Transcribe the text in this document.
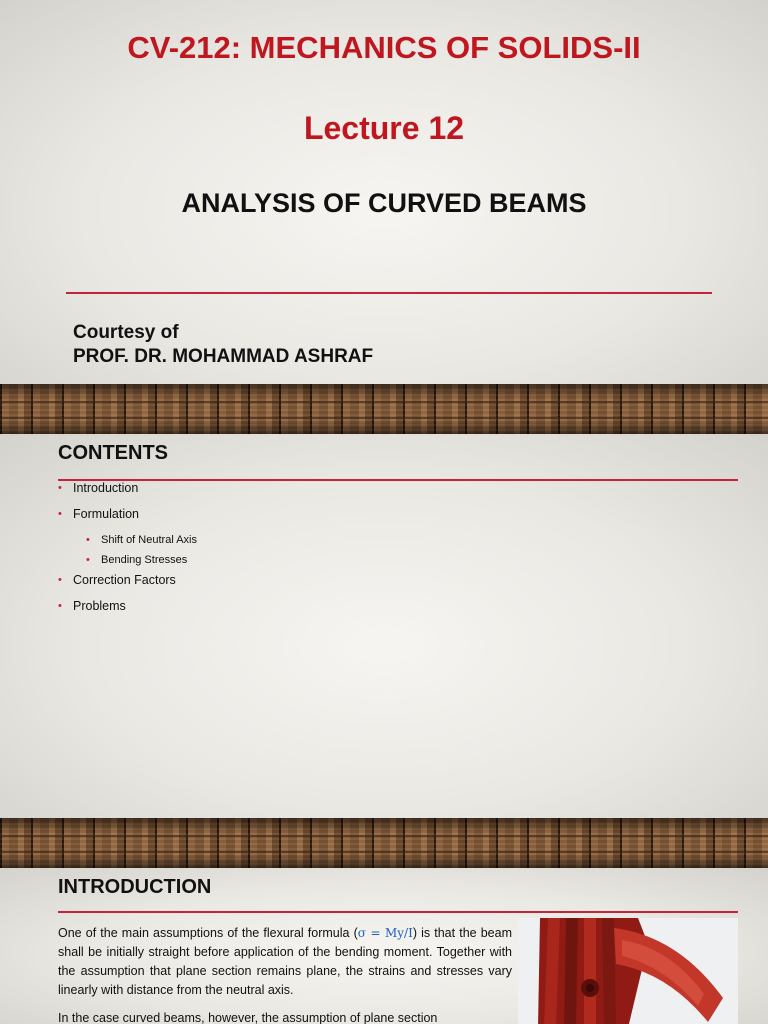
CV-212: MECHANICS OF SOLIDS-II
Lecture 12
ANALYSIS OF CURVED BEAMS
Courtesy of
PROF. DR. MOHAMMAD ASHRAF
CONTENTS
• Introduction
• Formulation
• Shift of Neutral Axis
• Bending Stresses
• Correction Factors
• Problems
INTRODUCTION

One of the main assumptions of the flexural formula (σ = My/I) is that the beam shall be initially straight before application of the bending moment. Together with the assumption that plane section remains plane, the strains and stresses vary linearly with distance from the neutral axis.

In the case curved beams, however, the assumption of plane section
